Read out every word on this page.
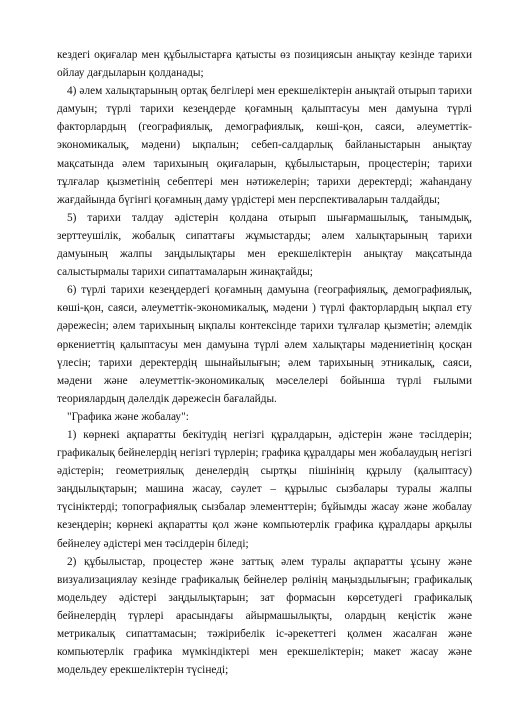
кездегі оқиғалар мен құбылыстарға қатысты өз позициясын анықтау кезінде тарихи ойлау дағдыларын қолданады;

4) әлем халықтарының ортақ белгілері мен ерекшеліктерін анықтай отырып тарихи дамуын; түрлі тарихи кезеңдерде қоғамның қалыптасуы мен дамуына түрлі факторлардың (географиялық, демографиялық, көші-қон, саяси, әлеуметтік-экономикалық, мәдени) ықпалын; себеп-салдарлық байланыстарын анықтау мақсатында әлем тарихының оқиғаларын, құбылыстарын, процестерін; тарихи тұлғалар қызметінің себептері мен нәтижелерін; тарихи деректерді; жаһандану жағдайында бүгінгі қоғамның даму үрдістері мен перспективаларын талдайды;

5) тарихи талдау әдістерін қолдана отырып шығармашылық, танымдық, зерттеушілік, жобалық сипаттағы жұмыстарды; әлем халықтарының тарихи дамуының жалпы заңдылықтары мен ерекшеліктерін анықтау мақсатында салыстырмалы тарихи сипаттамаларын жинақтайды;

6) түрлі тарихи кезеңдердегі қоғамның дамуына (географиялық, демографиялық, көші-қон, саяси, әлеуметтік-экономикалық, мәдени ) түрлі факторлардың ықпал ету дәрежесін; әлем тарихының ықпалы контексінде тарихи тұлғалар қызметін; әлемдік өркениеттің қалыптасуы мен дамуына түрлі әлем халықтары мәдениетінің қосқан үлесін; тарихи деректердің шынайылығын; әлем тарихының этникалық, саяси, мәдени және әлеуметтік-экономикалық мәселелері бойынша түрлі ғылыми теориялардың дәлелдік дәрежесін бағалайды.

"Графика және жобалау":

1) көрнекі ақпаратты бекітудің негізгі құралдарын, әдістерін және тәсілдерін; графикалық бейнелердің негізгі түрлерін; графика құралдары мен жобалаудың негізгі әдістерін; геометриялық денелердің сыртқы пішінінің құрылу (қалыптасу) заңдылықтарын; машина жасау, сәулет – құрылыс сызбалары туралы жалпы түсініктерді; топографиялық сызбалар элементтерін; бұйымды жасау және жобалау кезеңдерін; көрнекі ақпаратты қол және компьютерлік графика құралдары арқылы бейнелеу әдістері мен тәсілдерін біледі;

2) құбылыстар, процестер және заттық әлем туралы ақпаратты ұсыну және визуализациялау кезінде графикалық бейнелер рөлінің маңыздылығын; графикалық модельдеу әдістері заңдылықтарын; зат формасын көрсетудегі графикалық бейнелердің түрлері арасындағы айырмашылықты, олардың кеңістік және метрикалық сипаттамасын; тәжірибелік іс-әрекеттегі қолмен жасалған және компьютерлік графика мүмкіндіктері мен ерекшеліктерін; макет жасау және модельдеу ерекшеліктерін түсінеді;
